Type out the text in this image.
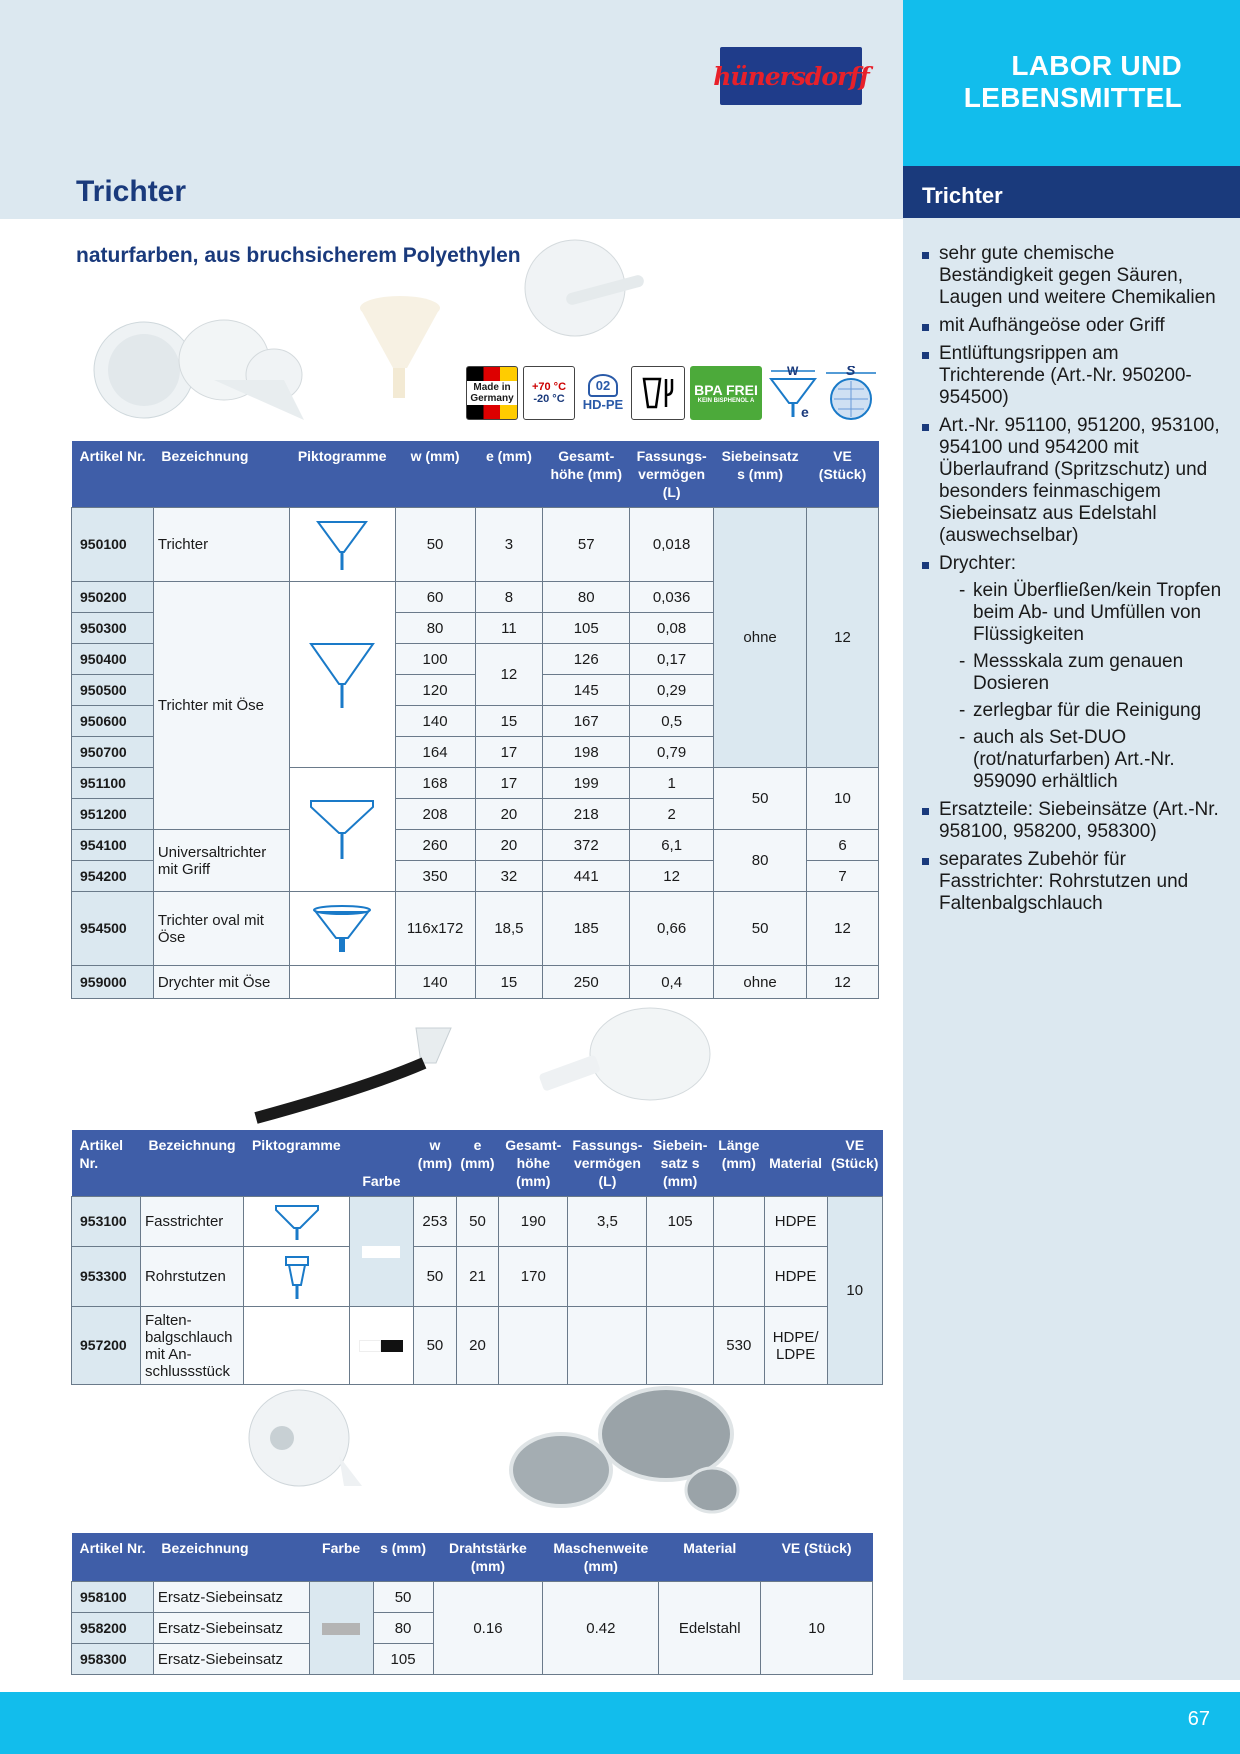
LABOR UND
LEBENSMITTEL
Trichter
hünersdorff
Trichter
naturfarben, aus bruchsicherem Polyethylen
Made in Germany
+70 °C
-20 °C
02
HD-PE
BPA FREI
KEIN BISPHENOL A
W
e
S
Artikel Nr.	Bezeichnung	Piktogramme	w (mm)	e (mm)	Gesamt-höhe (mm)	Fassungs-vermögen (L)	Siebeinsatz s (mm)	VE (Stück)
950100	Trichter		50	3	57	0,018	ohne	12
950200	Trichter mit Öse		60	8	80	0,036		
950300			80	11	105	0,08		
950400			100	12	126	0,17		
950500			120		145	0,29		
950600			140	15	167	0,5		
950700			164	17	198	0,79		
951100			168	17	199	1	50	10
951200			208	20	218	2		
954100	Universaltrichter mit Griff		260	20	372	6,1	80	6
954200			350	32	441	12		7
954500	Trichter oval mit Öse		116x172	18,5	185	0,66	50	12
959000	Drychter mit Öse		140	15	250	0,4	ohne	12
Artikel Nr.	Bezeichnung	Piktogramme	Farbe	w (mm)	e (mm)	Gesamt-höhe (mm)	Fassungs-vermögen (L)	Siebein-satz s (mm)	Länge (mm)	Material	VE (Stück)
953100	Fasstrichter			253	50	190	3,5	105		HDPE	10
953300	Rohrstutzen			50	21	170				HDPE	
957200	Falten-balgschlauch mit An-schlussstück			50	20				530	HDPE/ LDPE	
Artikel Nr.	Bezeichnung	Farbe	s (mm)	Drahtstärke (mm)	Maschenweite (mm)	Material	VE (Stück)
958100	Ersatz-Siebeinsatz		50	0.16	0.42	Edelstahl	10
958200	Ersatz-Siebeinsatz		80				
958300	Ersatz-Siebeinsatz		105				
sehr gute chemische Beständigkeit gegen Säuren, Laugen und weitere Chemikalien
mit Aufhängeöse oder Griff
Entlüftungsrippen am Trichterende (Art.-Nr. 950200-954500)
Art.-Nr. 951100, 951200, 953100, 954100 und 954200 mit Überlaufrand (Spritzschutz) und besonders feinmaschigem Siebeinsatz aus Edelstahl (auswechselbar)
Drychter:
- kein Überfließen/kein Tropfen beim Ab- und Umfüllen von Flüssigkeiten
- Messskala zum genauen Dosieren
- zerlegbar für die Reinigung
- auch als Set-DUO (rot/naturfarben) Art.-Nr. 959090 erhältlich
Ersatzteile: Siebeinsätze (Art.-Nr. 958100, 958200, 958300)
separates Zubehör für Fasstrichter: Rohrstutzen und Faltenbalgschlauch
67
